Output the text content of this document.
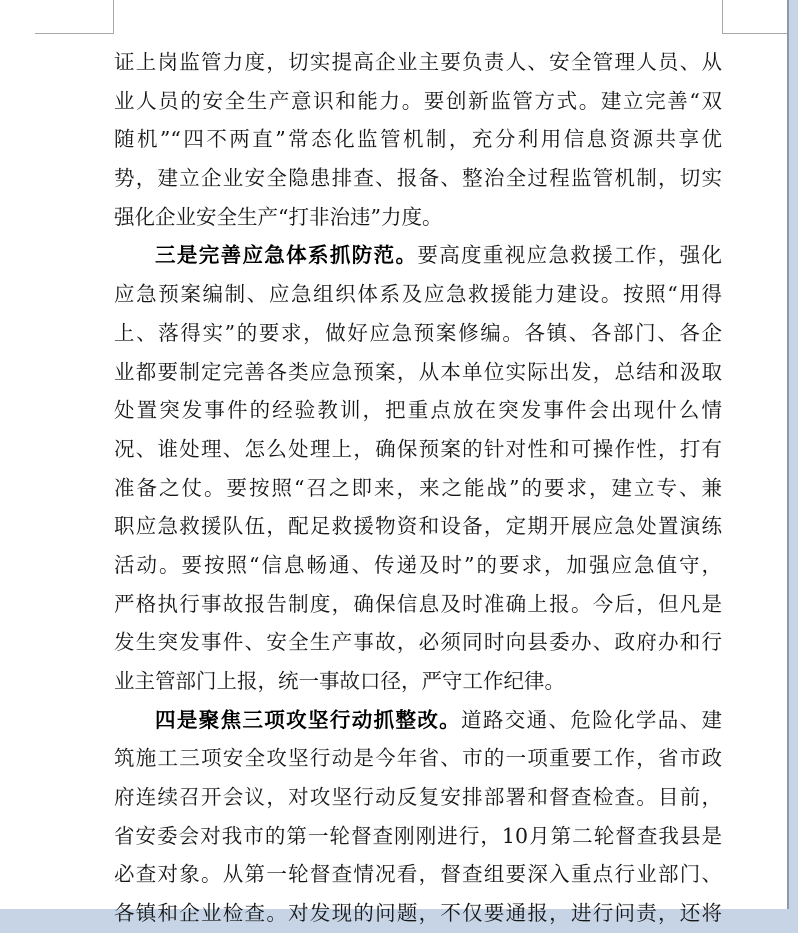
证上岗监管力度，切实提高企业主要负责人、安全管理人员、从
业人员的安全生产意识和能力。要创新监管方式。建立完善“双
随机”“四不两直”常态化监管机制，充分利用信息资源共享优
势，建立企业安全隐患排查、报备、整治全过程监管机制，切实
强化企业安全生产“打非治违”力度。
三是完善应急体系抓防范。要高度重视应急救援工作，强化
应急预案编制、应急组织体系及应急救援能力建设。按照“用得
上、落得实”的要求，做好应急预案修编。各镇、各部门、各企
业都要制定完善各类应急预案，从本单位实际出发，总结和汲取
处置突发事件的经验教训，把重点放在突发事件会出现什么情
况、谁处理、怎么处理上，确保预案的针对性和可操作性，打有
准备之仗。要按照“召之即来，来之能战”的要求，建立专、兼
职应急救援队伍，配足救援物资和设备，定期开展应急处置演练
活动。要按照“信息畅通、传递及时”的要求，加强应急值守，
严格执行事故报告制度，确保信息及时准确上报。今后，但凡是
发生突发事件、安全生产事故，必须同时向县委办、政府办和行
业主管部门上报，统一事故口径，严守工作纪律。
四是聚焦三项攻坚行动抓整改。道路交通、危险化学品、建
筑施工三项安全攻坚行动是今年省、市的一项重要工作，省市政
府连续召开会议，对攻坚行动反复安排部署和督查检查。目前，
省安委会对我市的第一轮督查刚刚进行，10月第二轮督查我县是
必查对象。从第一轮督查情况看，督查组要深入重点行业部门、
各镇和企业检查。对发现的问题，不仅要通报，进行问责，还将
